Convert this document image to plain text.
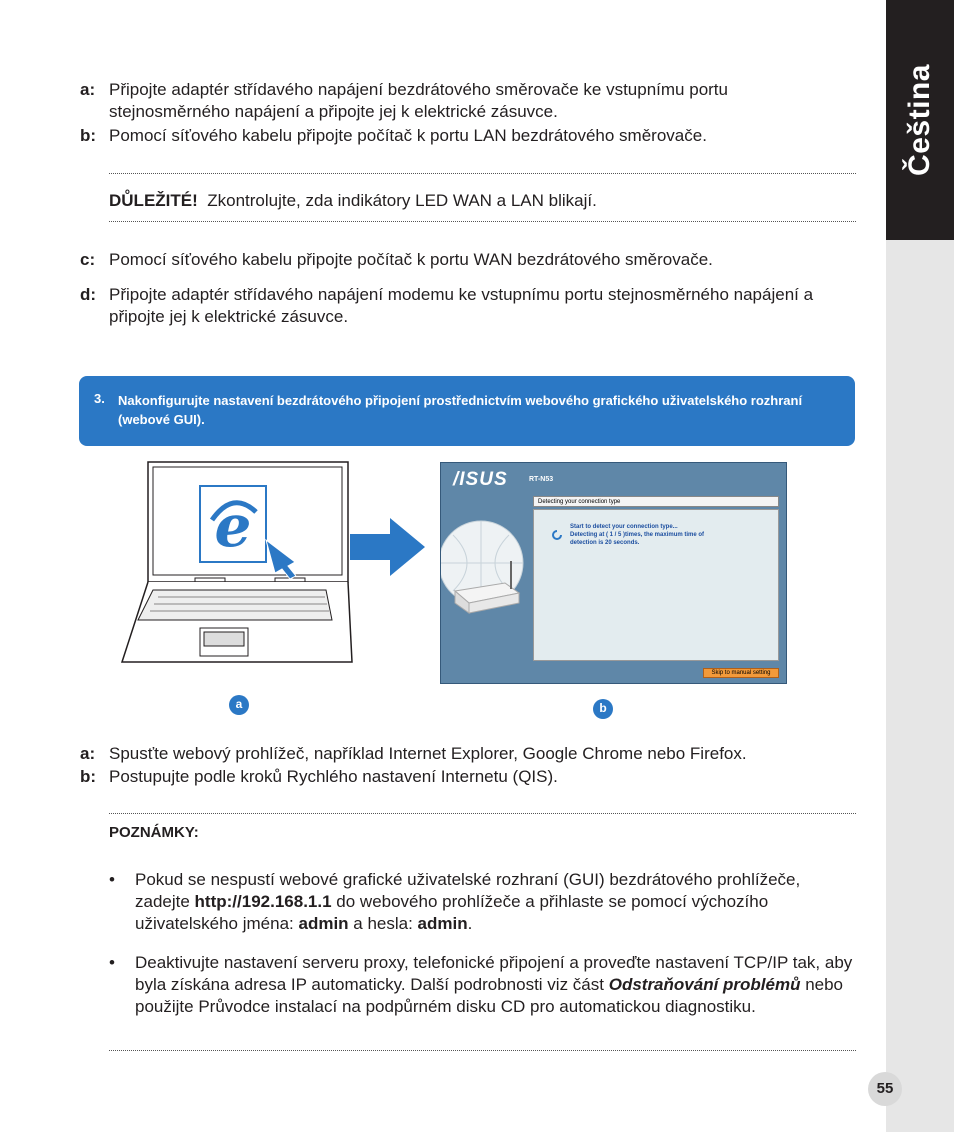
Čeština
a: Připojte adaptér střídavého napájení bezdrátového směrovače ke vstupnímu portu stejnosměrného napájení a připojte jej k elektrické zásuvce.
b: Pomocí síťového kabelu připojte počítač k portu LAN bezdrátového směrovače.
DŮLEŽITÉ! Zkontrolujte, zda indikátory LED WAN a LAN blikají.
c: Pomocí síťového kabelu připojte počítač k portu WAN bezdrátového směrovače.
d: Připojte adaptér střídavého napájení modemu ke vstupnímu portu stejnosměrného napájení a připojte jej k elektrické zásuvce.
3. Nakonfigurujte nastavení bezdrátového připojení prostřednictvím webového grafického uživatelského rozhraní (webové GUI).
e
/ISUS	RT-N53
Detecting your connection type
Start to detect your connection type...
Detecting at ( 1 / 5 )times, the maximum time of
detection is 20 seconds.
Skip to manual setting
a	b
a: Spusťte webový prohlížeč, například Internet Explorer, Google Chrome nebo Firefox.
b: Postupujte podle kroků Rychlého nastavení Internetu (QIS).
POZNÁMKY:
• Pokud se nespustí webové grafické uživatelské rozhraní (GUI) bezdrátového prohlížeče, zadejte http://192.168.1.1 do webového prohlížeče a přihlaste se pomocí výchozího uživatelského jména: admin a hesla: admin.
• Deaktivujte nastavení serveru proxy, telefonické připojení a proveďte nastavení TCP/IP tak, aby byla získána adresa IP automaticky. Další podrobnosti viz část Odstraňování problémů nebo použijte Průvodce instalací na podpůrném disku CD pro automatickou diagnostiku.
55
